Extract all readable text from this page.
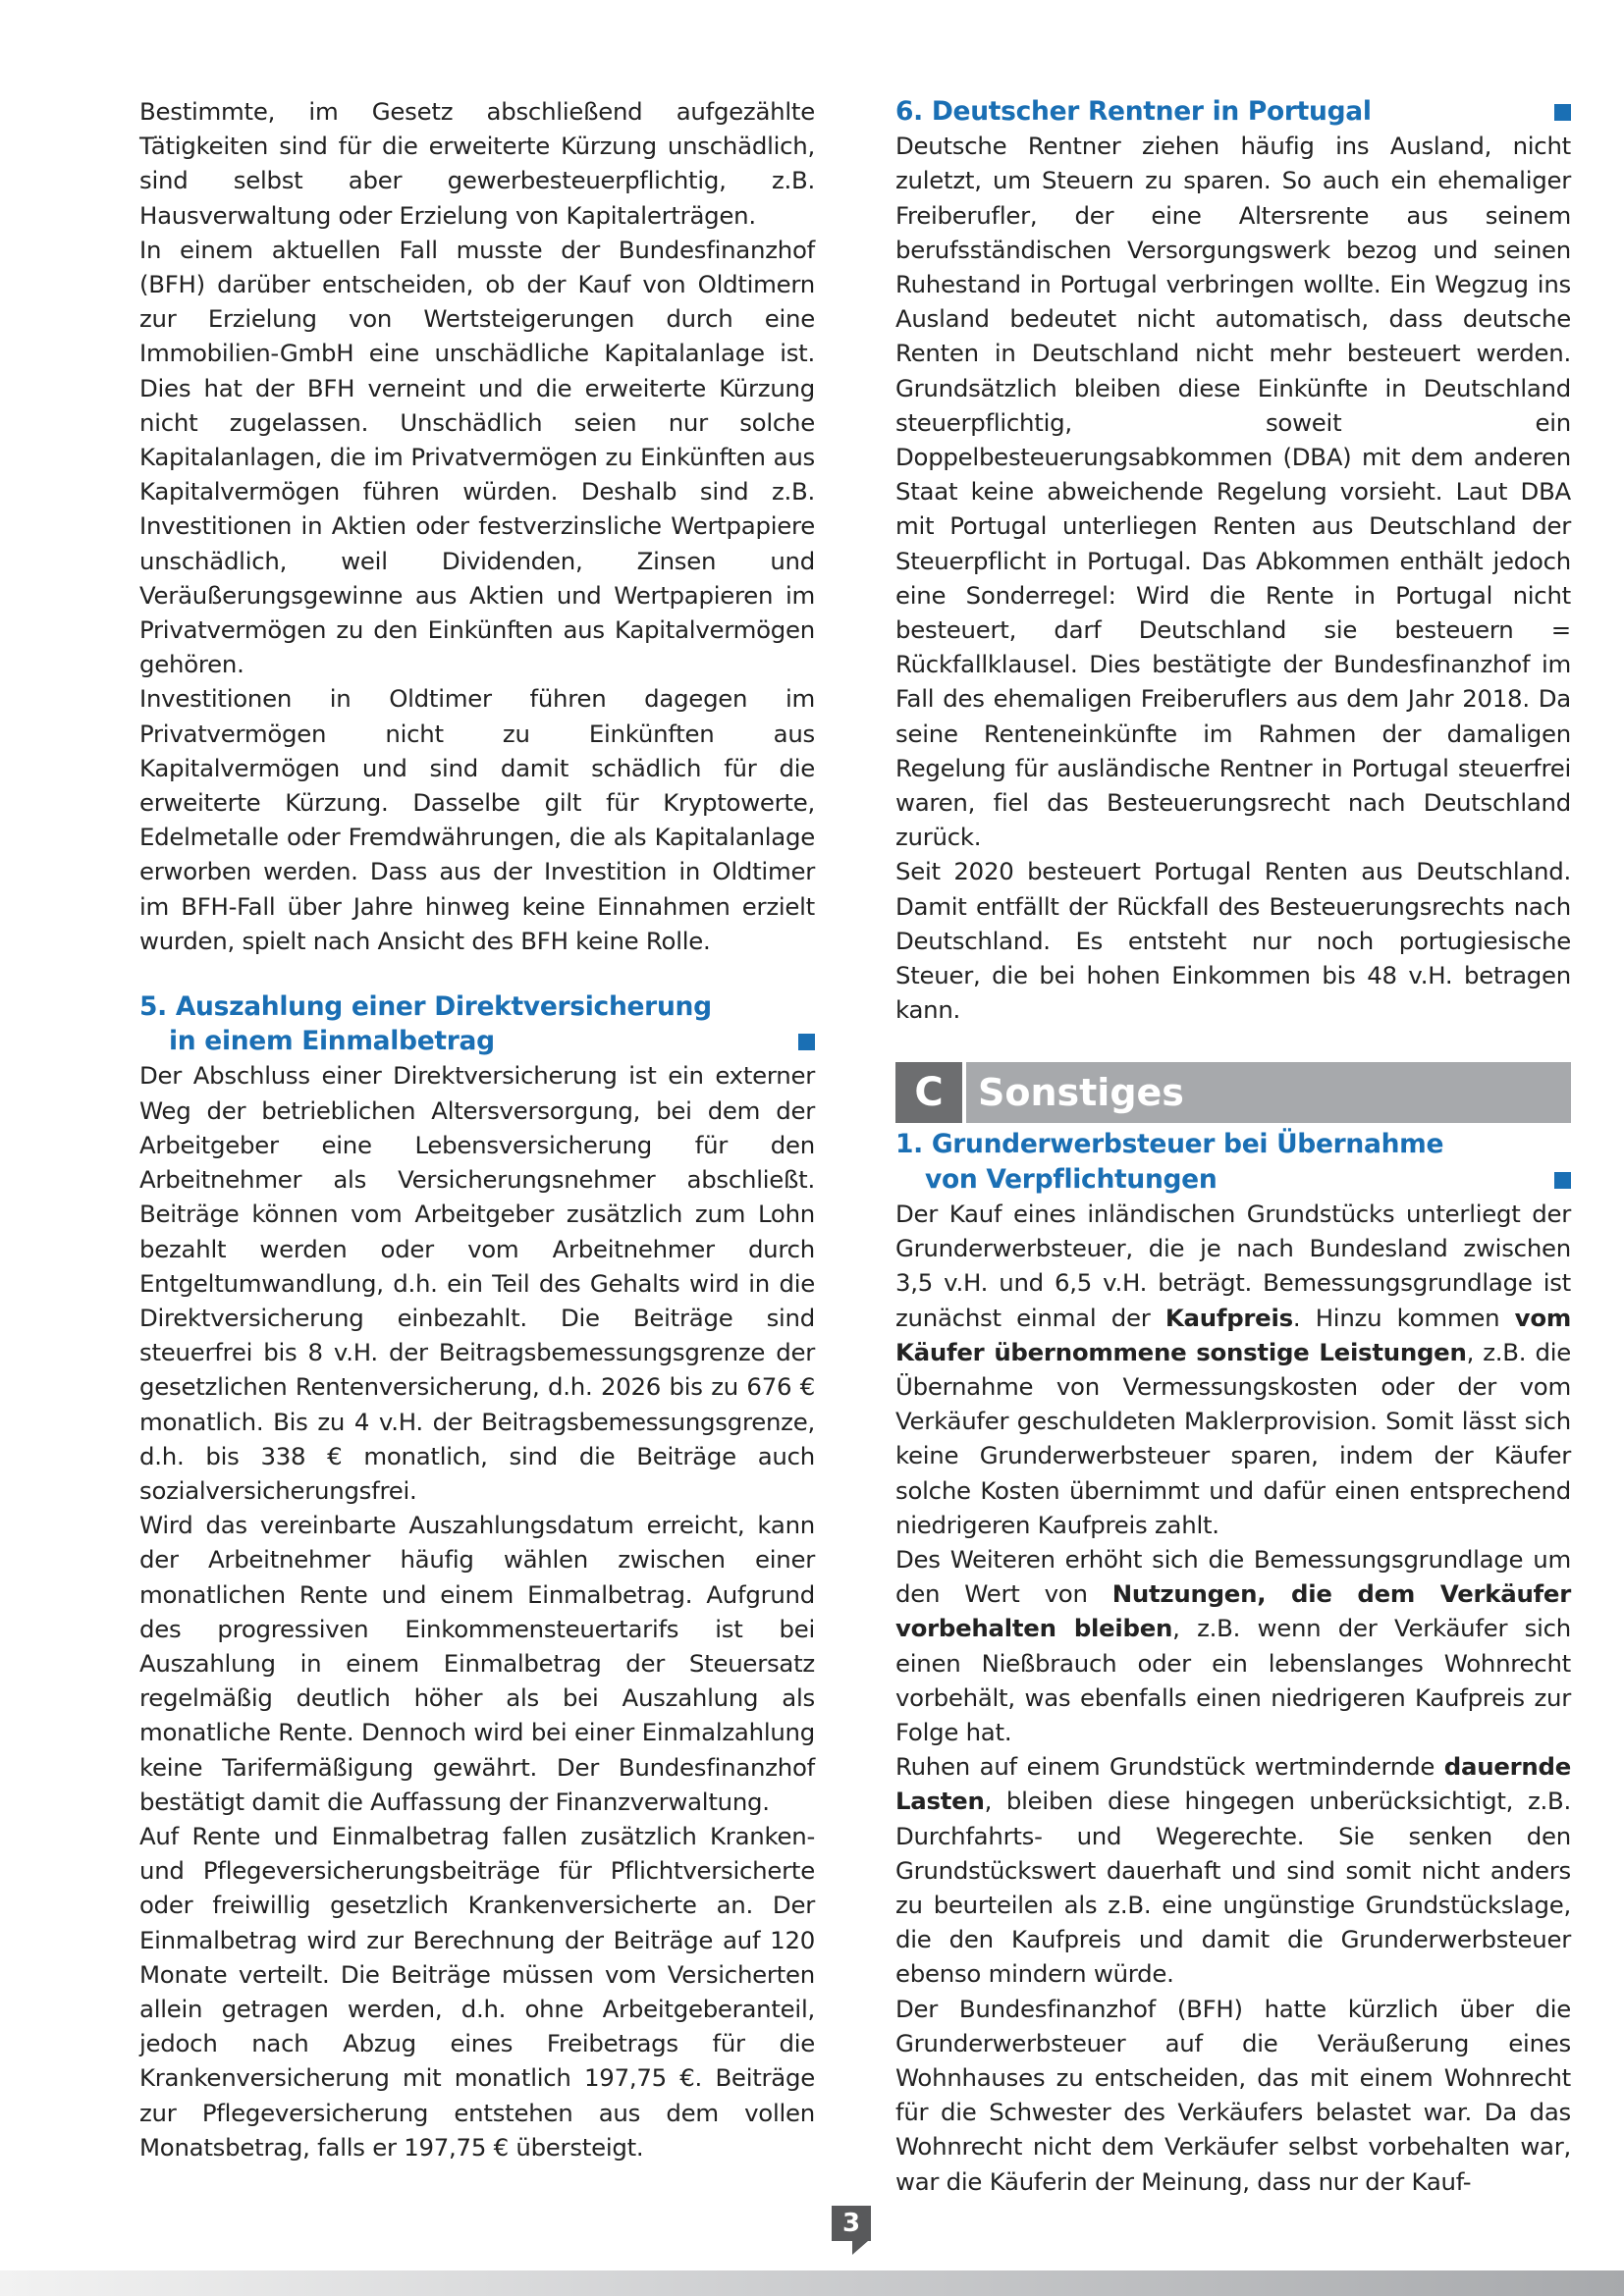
Bestimmte, im Gesetz abschließend aufgezählte Tätigkeiten sind für die erweiterte Kürzung unschädlich, sind selbst aber gewerbesteuerpflichtig, z.B. Hausverwaltung oder Erzielung von Kapitalerträgen.

In einem aktuellen Fall musste der Bundesfinanzhof (BFH) darüber entscheiden, ob der Kauf von Oldtimern zur Erzielung von Wertsteigerungen durch eine Immobilien-GmbH eine unschädliche Kapitalanlage ist. Dies hat der BFH verneint und die erweiterte Kürzung nicht zugelassen. Unschädlich seien nur solche Kapitalanlagen, die im Privatvermögen zu Einkünften aus Kapitalvermögen führen würden. Deshalb sind z.B. Investitionen in Aktien oder festverzinsliche Wertpapiere unschädlich, weil Dividenden, Zinsen und Veräußerungsgewinne aus Aktien und Wertpapieren im Privatvermögen zu den Einkünften aus Kapitalvermögen gehören.

Investitionen in Oldtimer führen dagegen im Privatvermögen nicht zu Einkünften aus Kapitalvermögen und sind damit schädlich für die erweiterte Kürzung. Dasselbe gilt für Kryptowerte, Edelmetalle oder Fremdwährungen, die als Kapitalanlage erworben werden. Dass aus der Investition in Oldtimer im BFH-Fall über Jahre hinweg keine Einnahmen erzielt wurden, spielt nach Ansicht des BFH keine Rolle.

5. Auszahlung einer Direktversicherung
in einem Einmalbetrag

Der Abschluss einer Direktversicherung ist ein externer Weg der betrieblichen Altersversorgung, bei dem der Arbeitgeber eine Lebensversicherung für den Arbeitnehmer als Versicherungsnehmer abschließt. Beiträge können vom Arbeitgeber zusätzlich zum Lohn bezahlt werden oder vom Arbeitnehmer durch Entgeltumwandlung, d.h. ein Teil des Gehalts wird in die Direktversicherung einbezahlt. Die Beiträge sind steuerfrei bis 8 v.H. der Beitragsbemessungsgrenze der gesetzlichen Rentenversicherung, d.h. 2026 bis zu 676 € monatlich. Bis zu 4 v.H. der Beitragsbemessungsgrenze, d.h. bis 338 € monatlich, sind die Beiträge auch sozialversicherungsfrei.

Wird das vereinbarte Auszahlungsdatum erreicht, kann der Arbeitnehmer häufig wählen zwischen einer monatlichen Rente und einem Einmalbetrag. Aufgrund des progressiven Einkommensteuertarifs ist bei Auszahlung in einem Einmalbetrag der Steuersatz regelmäßig deutlich höher als bei Auszahlung als monatliche Rente. Dennoch wird bei einer Einmalzahlung keine Tarifermäßigung gewährt. Der Bundesfinanzhof bestätigt damit die Auffassung der Finanzverwaltung.

Auf Rente und Einmalbetrag fallen zusätzlich Kranken- und Pflegeversicherungsbeiträge für Pflichtversicherte oder freiwillig gesetzlich Krankenversicherte an. Der Einmalbetrag wird zur Berechnung der Beiträge auf 120 Monate verteilt. Die Beiträge müssen vom Versicherten allein getragen werden, d.h. ohne Arbeitgeberanteil, jedoch nach Abzug eines Freibetrags für die Krankenversicherung mit monatlich 197,75 €. Beiträge zur Pflegeversicherung entstehen aus dem vollen Monatsbetrag, falls er 197,75 € übersteigt.

6. Deutscher Rentner in Portugal

Deutsche Rentner ziehen häufig ins Ausland, nicht zuletzt, um Steuern zu sparen. So auch ein ehemaliger Freiberufler, der eine Altersrente aus seinem berufsständischen Versorgungswerk bezog und seinen Ruhestand in Portugal verbringen wollte. Ein Wegzug ins Ausland bedeutet nicht automatisch, dass deutsche Renten in Deutschland nicht mehr besteuert werden. Grundsätzlich bleiben diese Einkünfte in Deutschland steuerpflichtig, soweit ein Doppelbesteuerungsabkommen (DBA) mit dem anderen Staat keine abweichende Regelung vorsieht. Laut DBA mit Portugal unterliegen Renten aus Deutschland der Steuerpflicht in Portugal. Das Abkommen enthält jedoch eine Sonderregel: Wird die Rente in Portugal nicht besteuert, darf Deutschland sie besteuern = Rückfallklausel. Dies bestätigte der Bundesfinanzhof im Fall des ehemaligen Freiberuflers aus dem Jahr 2018. Da seine Renteneinkünfte im Rahmen der damaligen Regelung für ausländische Rentner in Portugal steuerfrei waren, fiel das Besteuerungsrecht nach Deutschland zurück.

Seit 2020 besteuert Portugal Renten aus Deutschland. Damit entfällt der Rückfall des Besteuerungsrechts nach Deutschland. Es entsteht nur noch portugiesische Steuer, die bei hohen Einkommen bis 48 v.H. betragen kann.

C Sonstiges
1. Grunderwerbsteuer bei Übernahme
von Verpflichtungen

Der Kauf eines inländischen Grundstücks unterliegt der Grunderwerbsteuer, die je nach Bundesland zwischen 3,5 v.H. und 6,5 v.H. beträgt. Bemessungsgrundlage ist zunächst einmal der Kaufpreis. Hinzu kommen vom Käufer übernommene sonstige Leistungen, z.B. die Übernahme von Vermessungskosten oder der vom Verkäufer geschuldeten Maklerprovision. Somit lässt sich keine Grunderwerbsteuer sparen, indem der Käufer solche Kosten übernimmt und dafür einen entsprechend niedrigeren Kaufpreis zahlt.

Des Weiteren erhöht sich die Bemessungsgrundlage um den Wert von Nutzungen, die dem Verkäufer vorbehalten bleiben, z.B. wenn der Verkäufer sich einen Nießbrauch oder ein lebenslanges Wohnrecht vorbehält, was ebenfalls einen niedrigeren Kaufpreis zur Folge hat.

Ruhen auf einem Grundstück wertmindernde dauernde Lasten, bleiben diese hingegen unberücksichtigt, z.B. Durchfahrts- und Wegerechte. Sie senken den Grundstückswert dauerhaft und sind somit nicht anders zu beurteilen als z.B. eine ungünstige Grundstückslage, die den Kaufpreis und damit die Grunderwerbsteuer ebenso mindern würde.

Der Bundesfinanzhof (BFH) hatte kürzlich über die Grunderwerbsteuer auf die Veräußerung eines Wohnhauses zu entscheiden, das mit einem Wohnrecht für die Schwester des Verkäufers belastet war. Da das Wohnrecht nicht dem Verkäufer selbst vorbehalten war, war die Käuferin der Meinung, dass nur der Kauf-

3
